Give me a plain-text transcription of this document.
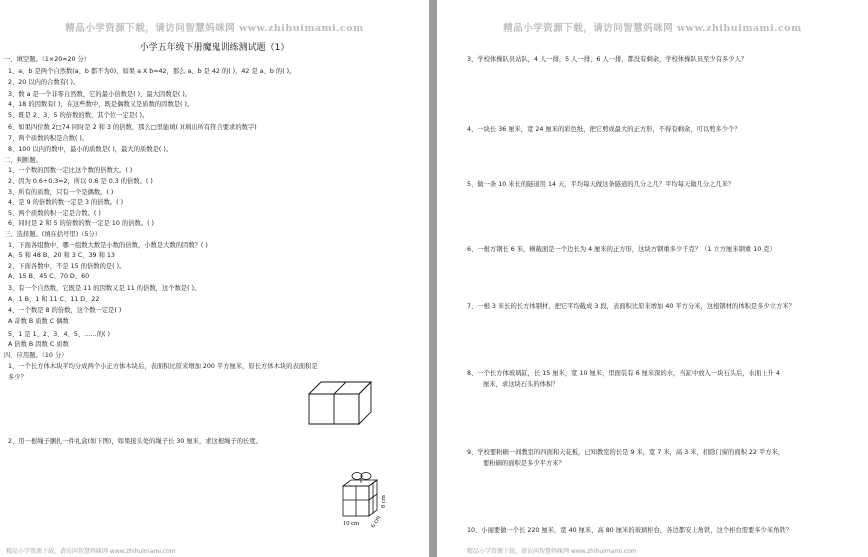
精品小学资源下载，请访问智慧妈咪网 www.zhihuimami.com
小学五年级下册魔鬼训练测试题（1）
一、填空题。（1×20=20 分）
1、a、b 是两个自然数(a、b 都不为0)，如果 a X b=42，那么 a、b 是 42 的( )，42 是 a、b 的( )。
2、20 以内的合数有( )。
3、数 a 是一个非零自然数，它的最小倍数是( )，最大因数是( )。
4、18 的因数有( )，在这些数中，既是偶数又是质数的因数是( )。
5、既是 2、3、5 的倍数的数，其个位一定是( )。
6、如果四位数 2□74 同时是 2 和 3 的倍数，那么□里能填( )(填出所有符合要求的数字)
7、两个质数的积是合数( )。
8、100 以内的数中，最小的质数是( )，最大的质数是( )。
二、判断题。
1、一个数的因数一定比这个数的倍数大。( )
2、因为 0.6÷0.3=2，所以 0.6 是 0.3 的倍数。( )
3、所有的质数，只有一个是偶数。( )
4、是 9 的倍数的数一定是 3 的倍数。( )
5、两个质数的积一定是合数。( )
6、同时是 2 和 5 的倍数的数一定是 10 的倍数。( )
三、选择题。(填在括号里)（5分）
1、下面各组数中，哪一组数大数是小数的倍数，小数是大数的因数？( )
A、5 和 48 B、20 和 3 C、39 和 13
2、下面各数中，不是 15 的倍数的是( )。
A、15 B、45 C、70 D、60
3、有一个自然数，它既是 11 的因数又是 11 的倍数，这个数是( )。
A、1 B、1 和 11 C、11 D、22
4、一个数是 8 的倍数，这个数一定是( )
A 奇数 B 质数 C 偶数
5、1 是 1、2、3、4、5、……的( )
A 倍数 B 因数 C 质数
四、应用题。（10 分）
1、一个长方体木块平均分成两个小正方体木块后，表面积比原来增加 200 平方厘米，原长方体木块的表面积是
多少？
2、用一根绳子捆扎一件礼盒(如下图)，如果接头处的绳子长 30 厘米，求这根绳子的长度。
10 cm 6 cm
8 cm
精品小学资源下载，请访问智慧妈咪网 www.zhihuimami.com
精品小学资源下载，请访问智慧妈咪网 www.zhihuimami.com
3、学校体操队员站队，4 人一排，5 人一排，6 人一排，都没有剩余，学校体操队员至少有多少人？
4、一块长 36 厘米，宽 24 厘米的彩色纸，把它剪成最大的正方形，不得有剩余，可以剪多少个？
5、做一条 10 米长的隧道用 14 天，平均每天做这条隧道的几分之几？平均每天做几分之几米？
6、一根方钢长 6 米，横截面是一个边长为 4 厘米的正方形，这块方钢重多少千克？（1 立方厘米钢重 10 克）
7、一根 3 米长的长方体钢材，把它平均截成 3 段，表面积比原来增加 40 平方分米，这根钢材的体积是多少立方米？
8、一个长方体玻璃缸，长 15 厘米，宽 10 厘米，里面装有 6 厘米深的水，当缸中放入一块石头后，水面上升 4
厘米，求这块石头的体积？
9、学校要粉刷一间教室的四面和天花板，已知教室的长是 9 米，宽 7 米，高 3 米，扣除门窗的面积 22 平方米，
要粉刷的面积是多少平方米？
10、小丽要做一个长 220 厘米，宽 40 厘米，高 80 厘米的玻璃柜台，各边都安上角铁，这个柜台需要多少米角铁？
精品小学资源下载，请访问智慧妈咪网 www.zhihuimami.com
